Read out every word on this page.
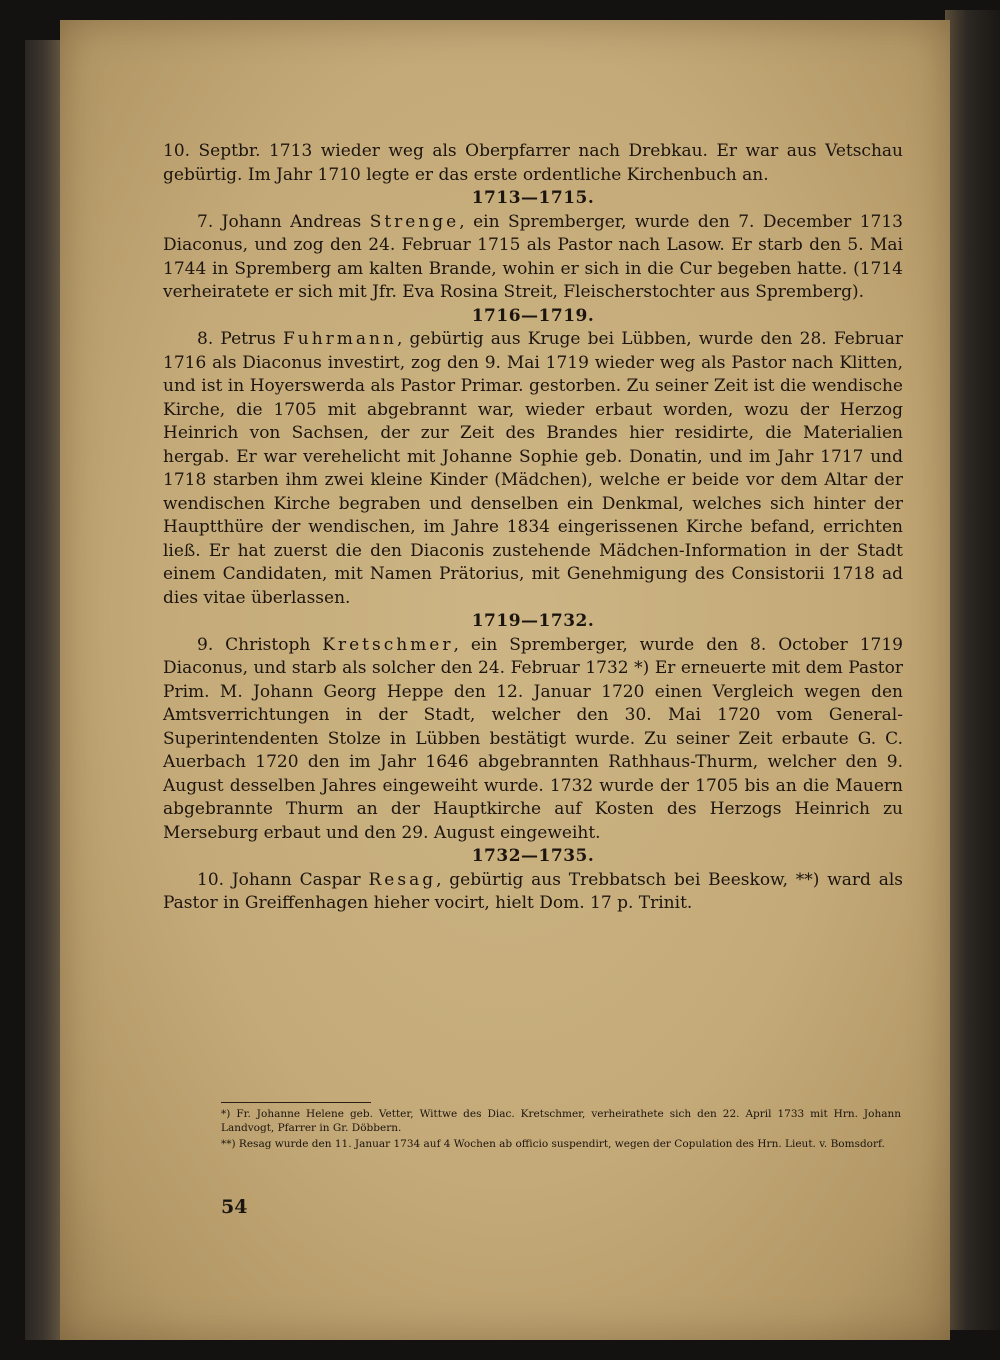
10. Septbr. 1713 wieder weg als Oberpfarrer nach Drebkau. Er war aus Vetschau gebürtig. Im Jahr 1710 legte er das erste ordentliche Kirchenbuch an.

1713—1715.

7. Johann Andreas Strenge, ein Spremberger, wurde den 7. December 1713 Diaconus, und zog den 24. Februar 1715 als Pastor nach Lasow. Er starb den 5. Mai 1744 in Spremberg am kalten Brande, wohin er sich in die Cur begeben hatte. (1714 verheiratete er sich mit Jfr. Eva Rosina Streit, Fleischerstochter aus Spremberg).

1716—1719.

8. Petrus Fuhrmann, gebürtig aus Kruge bei Lübben, wurde den 28. Februar 1716 als Diaconus investirt, zog den 9. Mai 1719 wieder weg als Pastor nach Klitten, und ist in Hoyerswerda als Pastor Primar. gestorben. Zu seiner Zeit ist die wendische Kirche, die 1705 mit abgebrannt war, wieder erbaut worden, wozu der Herzog Heinrich von Sachsen, der zur Zeit des Brandes hier residirte, die Materialien hergab. Er war verehelicht mit Johanne Sophie geb. Donatin, und im Jahr 1717 und 1718 starben ihm zwei kleine Kinder (Mädchen), welche er beide vor dem Altar der wendischen Kirche begraben und denselben ein Denkmal, welches sich hinter der Hauptthüre der wendischen, im Jahre 1834 eingerissenen Kirche befand, errichten ließ. Er hat zuerst die den Diaconis zustehende Mädchen-Information in der Stadt einem Candidaten, mit Namen Prätorius, mit Genehmigung des Consistorii 1718 ad dies vitae überlassen.

1719—1732.

9. Christoph Kretschmer, ein Spremberger, wurde den 8. October 1719 Diaconus, und starb als solcher den 24. Februar 1732 *) Er erneuerte mit dem Pastor Prim. M. Johann Georg Heppe den 12. Januar 1720 einen Vergleich wegen den Amtsverrichtungen in der Stadt, welcher den 30. Mai 1720 vom General-Superintendenten Stolze in Lübben bestätigt wurde. Zu seiner Zeit erbaute G. C. Auerbach 1720 den im Jahr 1646 abgebrannten Rathhaus-Thurm, welcher den 9. August desselben Jahres eingeweiht wurde. 1732 wurde der 1705 bis an die Mauern abgebrannte Thurm an der Hauptkirche auf Kosten des Herzogs Heinrich zu Merseburg erbaut und den 29. August eingeweiht.

1732—1735.

10. Johann Caspar Resag, gebürtig aus Trebbatsch bei Beeskow, **) ward als Pastor in Greiffenhagen hieher vocirt, hielt Dom. 17 p. Trinit.

*) Fr. Johanne Helene geb. Vetter, Wittwe des Diac. Kretschmer, verheirathete sich den 22. April 1733 mit Hrn. Johann Landvogt, Pfarrer in Gr. Döbbern.

**) Resag wurde den 11. Januar 1734 auf 4 Wochen ab officio suspendirt, wegen der Copulation des Hrn. Lieut. v. Bomsdorf.

54
